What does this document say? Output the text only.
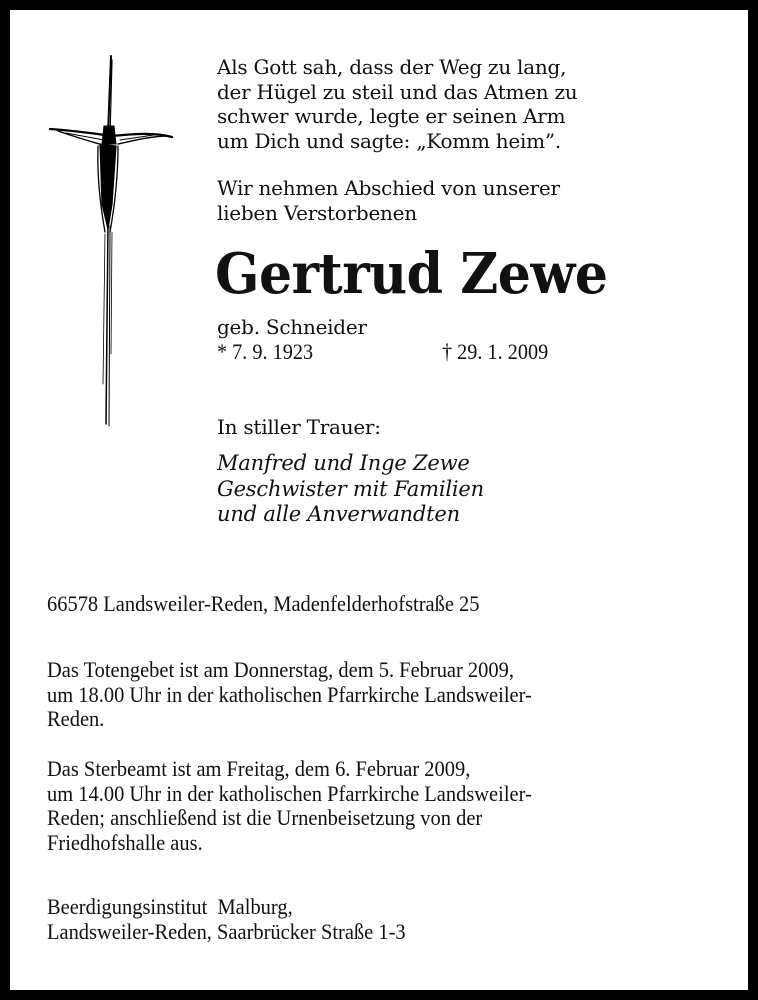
Als Gott sah, dass der Weg zu lang,
der Hügel zu steil und das Atmen zu
schwer wurde, legte er seinen Arm
um Dich und sagte: „Komm heim”.
Wir nehmen Abschied von unserer
lieben Verstorbenen
Gertrud Zewe
geb. Schneider
* 7. 9. 1923	† 29. 1. 2009
In stiller Trauer:
Manfred und Inge Zewe
Geschwister mit Familien
und alle Anverwandten
66578 Landsweiler-Reden, Madenfelderhofstraße 25
Das Totengebet ist am Donnerstag, dem 5. Februar 2009,
um 18.00 Uhr in der katholischen Pfarrkirche Landsweiler-
Reden.
Das Sterbeamt ist am Freitag, dem 6. Februar 2009,
um 14.00 Uhr in der katholischen Pfarrkirche Landsweiler-
Reden; anschließend ist die Urnenbeisetzung von der
Friedhofshalle aus.
Beerdigungsinstitut  Malburg,
Landsweiler-Reden, Saarbrücker Straße 1-3
